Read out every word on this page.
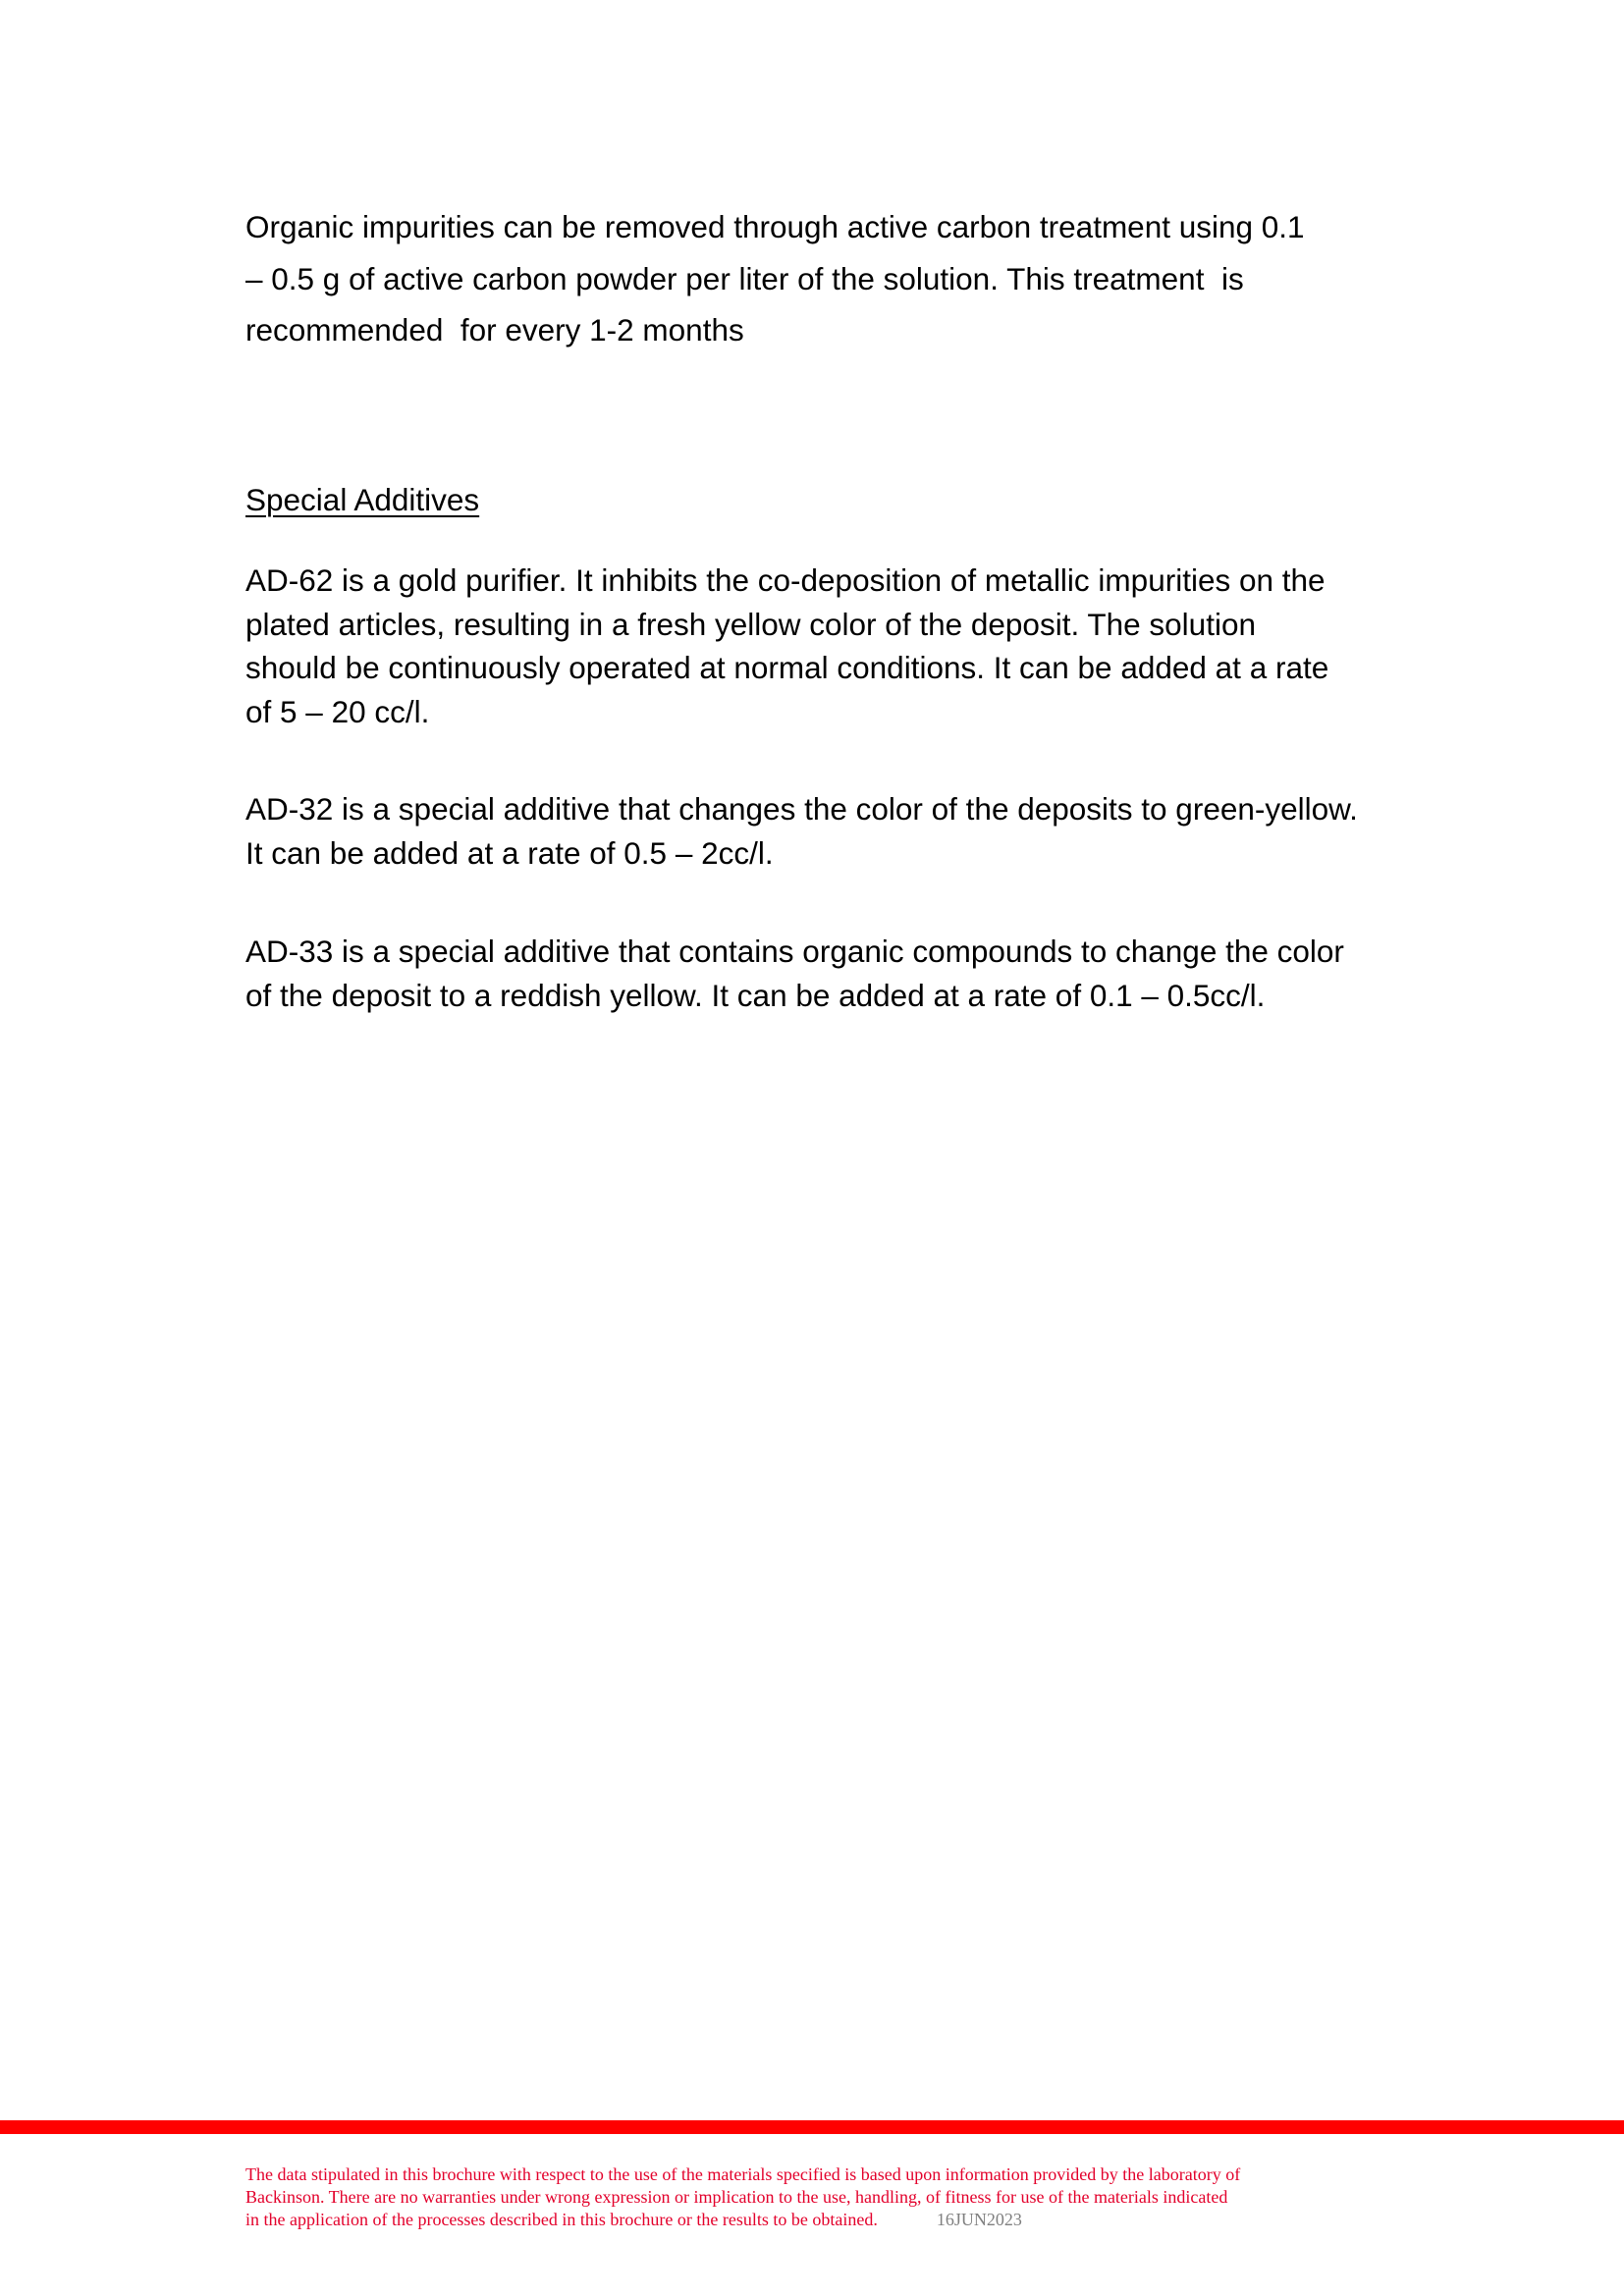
Organic impurities can be removed through active carbon treatment using 0.1
– 0.5 g of active carbon powder per liter of the solution. This treatment  is
recommended  for every 1-2 months

Special Additives

AD-62 is a gold purifier. It inhibits the co-deposition of metallic impurities on the
plated articles, resulting in a fresh yellow color of the deposit. The solution
should be continuously operated at normal conditions. It can be added at a rate
of 5 – 20 cc/l.

AD-32 is a special additive that changes the color of the deposits to green-yellow.
It can be added at a rate of 0.5 – 2cc/l.

AD-33 is a special additive that contains organic compounds to change the color
of the deposit to a reddish yellow. It can be added at a rate of 0.1 – 0.5cc/l.

The data stipulated in this brochure with respect to the use of the materials specified is based upon information provided by the laboratory of
Backinson. There are no warranties under wrong expression or implication to the use, handling, of fitness for use of the materials indicated
in the application of the processes described in this brochure or the results to be obtained.	16JUN2023
